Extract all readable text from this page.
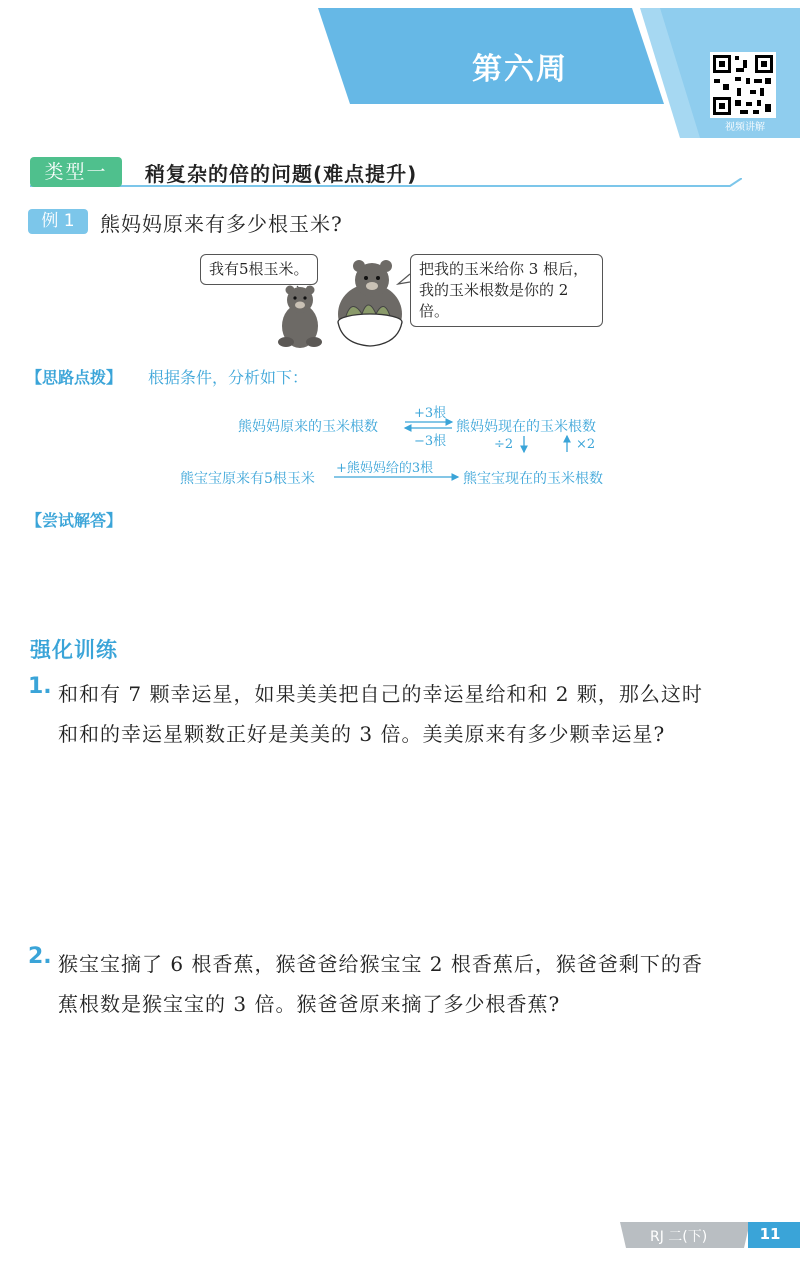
第六周
视频讲解
类型一	稍复杂的倍的问题(难点提升)
例 1	熊妈妈原来有多少根玉米?
我有5根玉米。	把我的玉米给你 3 根后，我的玉米根数是你的 2 倍。
【思路点拨】 根据条件，分析如下：
熊妈妈原来的玉米根数
+3根
−3根
熊妈妈现在的玉米根数
÷2	×2
熊宝宝原来有5根玉米
+熊妈妈给的3根
熊宝宝现在的玉米根数
【尝试解答】
强化训练
1. 和和有 7 颗幸运星，如果美美把自己的幸运星给和和 2 颗，那么这时
和和的幸运星颗数正好是美美的 3 倍。美美原来有多少颗幸运星?
2. 猴宝宝摘了 6 根香蕉，猴爸爸给猴宝宝 2 根香蕉后，猴爸爸剩下的香
蕉根数是猴宝宝的 3 倍。猴爸爸原来摘了多少根香蕉?
RJ 二(下)	11
